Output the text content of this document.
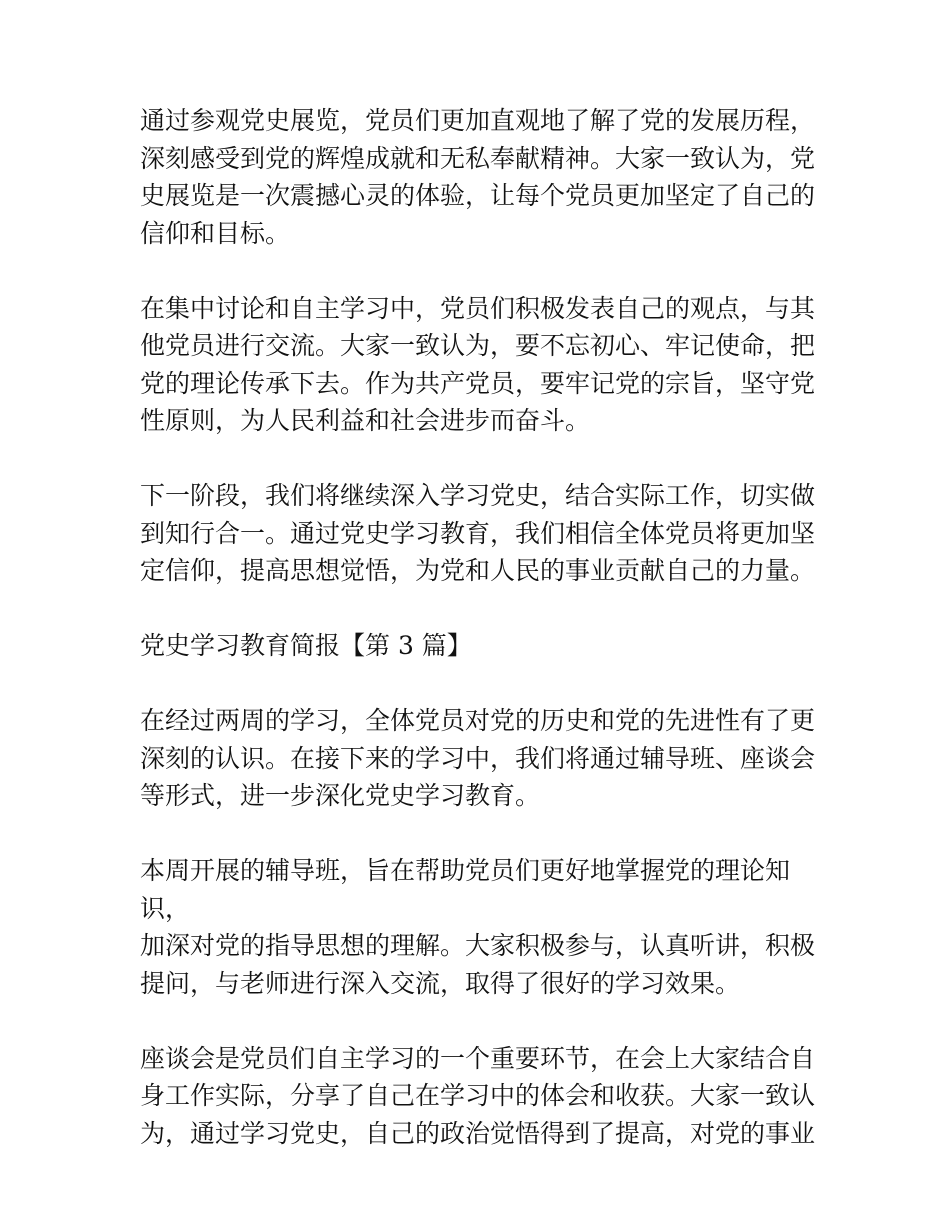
通过参观党史展览，党员们更加直观地了解了党的发展历程，
深刻感受到党的辉煌成就和无私奉献精神。大家一致认为，党
史展览是一次震撼心灵的体验，让每个党员更加坚定了自己的
信仰和目标。

在集中讨论和自主学习中，党员们积极发表自己的观点，与其
他党员进行交流。大家一致认为，要不忘初心、牢记使命，把
党的理论传承下去。作为共产党员，要牢记党的宗旨，坚守党
性原则，为人民利益和社会进步而奋斗。

下一阶段，我们将继续深入学习党史，结合实际工作，切实做
到知行合一。通过党史学习教育，我们相信全体党员将更加坚
定信仰，提高思想觉悟，为党和人民的事业贡献自己的力量。

党史学习教育简报【第 3 篇】

在经过两周的学习，全体党员对党的历史和党的先进性有了更
深刻的认识。在接下来的学习中，我们将通过辅导班、座谈会
等形式，进一步深化党史学习教育。

本周开展的辅导班，旨在帮助党员们更好地掌握党的理论知识，
加深对党的指导思想的理解。大家积极参与，认真听讲，积极
提问，与老师进行深入交流，取得了很好的学习效果。

座谈会是党员们自主学习的一个重要环节，在会上大家结合自
身工作实际，分享了自己在学习中的体会和收获。大家一致认
为，通过学习党史，自己的政治觉悟得到了提高，对党的事业
